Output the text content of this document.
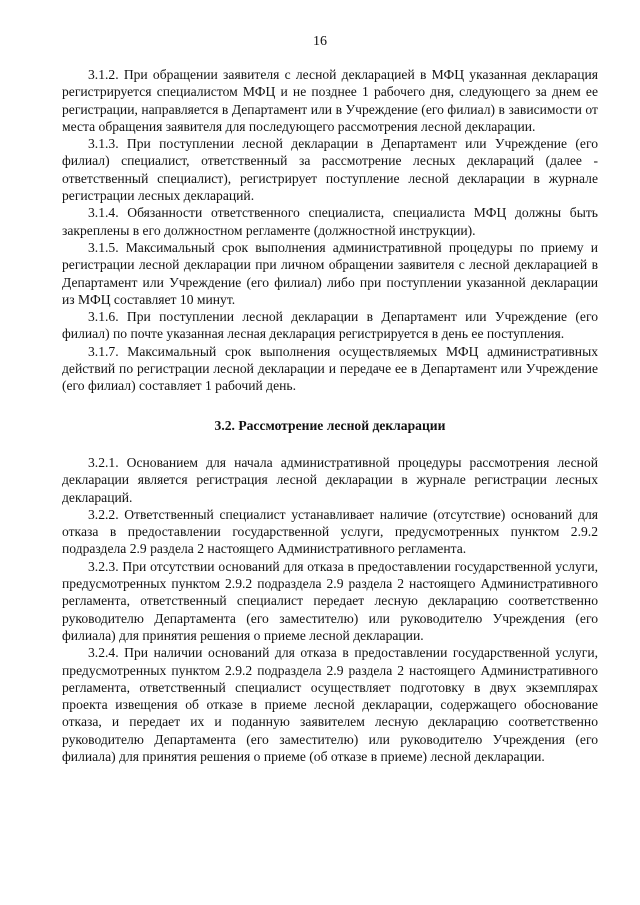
16

3.1.2. При обращении заявителя с лесной декларацией в МФЦ указанная декларация регистрируется специалистом МФЦ и не позднее 1 рабочего дня, следующего за днем ее регистрации, направляется в Департамент или в Учреждение (его филиал) в зависимости от места обращения заявителя для последующего рассмотрения лесной декларации.

3.1.3. При поступлении лесной декларации в Департамент или Учреждение (его филиал) специалист, ответственный за рассмотрение лесных деклараций (далее - ответственный специалист), регистрирует поступление лесной декларации в журнале регистрации лесных деклараций.

3.1.4. Обязанности ответственного специалиста, специалиста МФЦ должны быть закреплены в его должностном регламенте (должностной инструкции).

3.1.5. Максимальный срок выполнения административной процедуры по приему и регистрации лесной декларации при личном обращении заявителя с лесной декларацией в Департамент или Учреждение (его филиал) либо при поступлении указанной декларации из МФЦ составляет 10 минут.

3.1.6. При поступлении лесной декларации в Департамент или Учреждение (его филиал) по почте указанная лесная декларация регистрируется в день ее поступления.

3.1.7. Максимальный срок выполнения осуществляемых МФЦ административных действий по регистрации лесной декларации и передаче ее в Департамент или Учреждение (его филиал) составляет 1 рабочий день.

3.2. Рассмотрение лесной декларации

3.2.1. Основанием для начала административной процедуры рассмотрения лесной декларации является регистрация лесной декларации в журнале регистрации лесных деклараций.

3.2.2. Ответственный специалист устанавливает наличие (отсутствие) оснований для отказа в предоставлении государственной услуги, предусмотренных пунктом 2.9.2 подраздела 2.9 раздела 2 настоящего Административного регламента.

3.2.3. При отсутствии оснований для отказа в предоставлении государственной услуги, предусмотренных пунктом 2.9.2 подраздела 2.9 раздела 2 настоящего Административного регламента, ответственный специалист передает лесную декларацию соответственно руководителю Департамента (его заместителю) или руководителю Учреждения (его филиала) для принятия решения о приеме лесной декларации.

3.2.4. При наличии оснований для отказа в предоставлении государственной услуги, предусмотренных пунктом 2.9.2 подраздела 2.9 раздела 2 настоящего Административного регламента, ответственный специалист осуществляет подготовку в двух экземплярах проекта извещения об отказе в приеме лесной декларации, содержащего обоснование отказа, и передает их и поданную заявителем лесную декларацию соответственно руководителю Департамента (его заместителю) или руководителю Учреждения (его филиала) для принятия решения о приеме (об отказе в приеме) лесной декларации.
